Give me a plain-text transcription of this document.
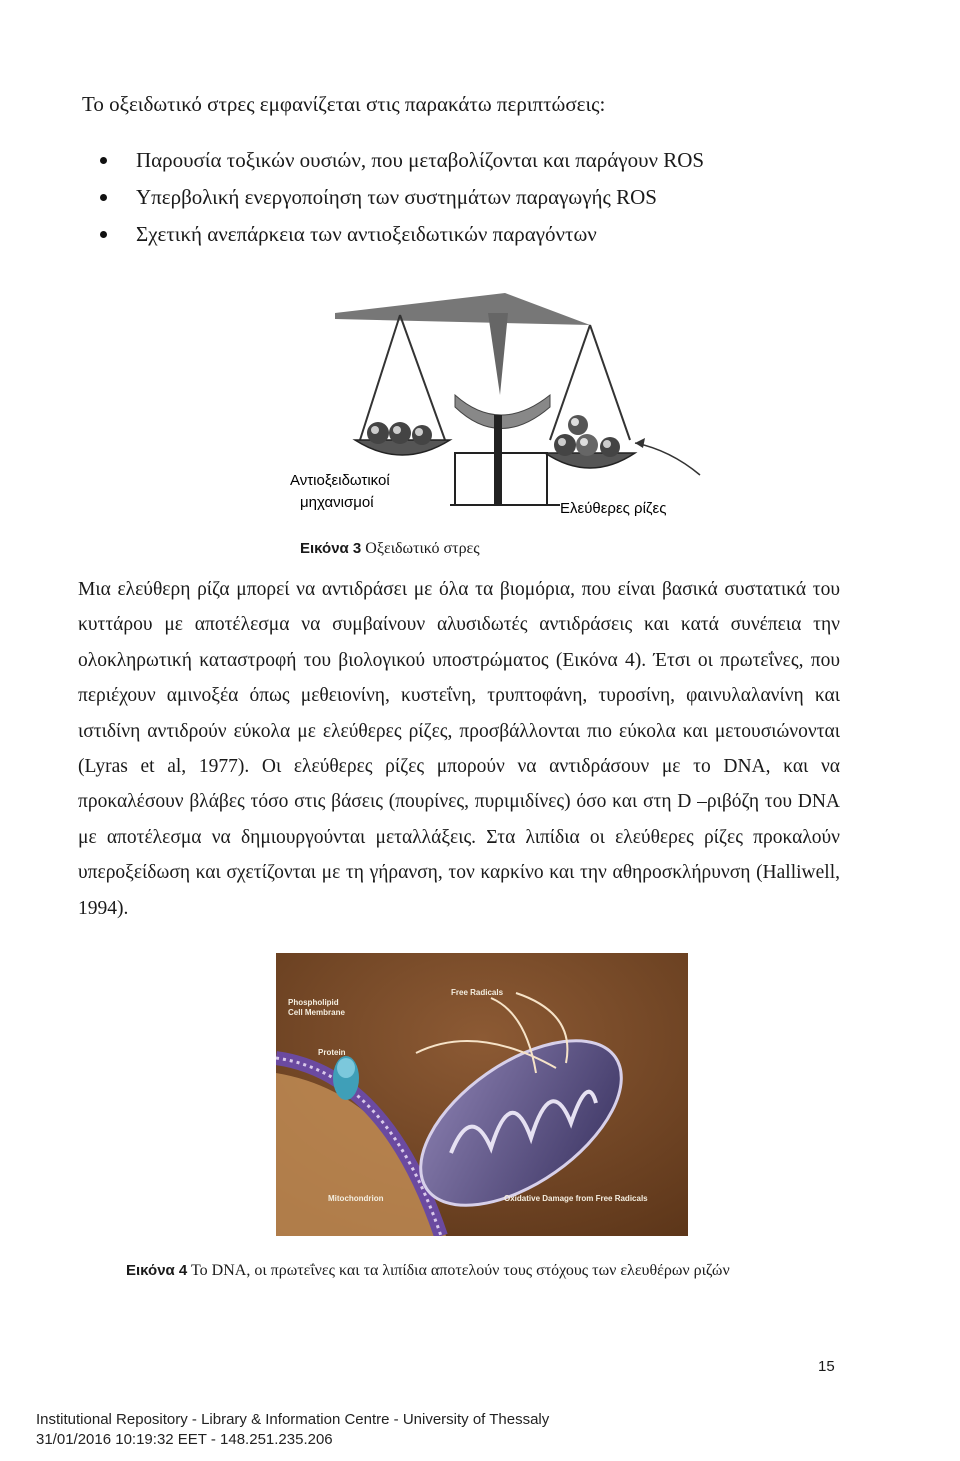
Το οξειδωτικό στρες εμφανίζεται στις παρακάτω περιπτώσεις:
Παρουσία τοξικών ουσιών, που μεταβολίζονται και παράγουν ROS
Υπερβολική ενεργοποίηση των συστημάτων παραγωγής ROS
Σχετική ανεπάρκεια των αντιοξειδωτικών παραγόντων
Αντιοξειδωτικοί
μηχανισμοί	Ελεύθερες ρίζες
Εικόνα 3 Οξειδωτικό στρες

Μια ελεύθερη ρίζα μπορεί να αντιδράσει με όλα τα βιομόρια, που είναι βασικά συστατικά του κυττάρου με αποτέλεσμα να συμβαίνουν αλυσιδωτές αντιδράσεις και κατά συνέπεια την ολοκληρωτική καταστροφή του βιολογικού υποστρώματος (Εικόνα 4). Έτσι οι πρωτεΐνες, που περιέχουν αμινοξέα όπως μεθειονίνη, κυστεΐνη, τρυπτοφάνη, τυροσίνη, φαινυλαλανίνη και ιστιδίνη αντιδρούν εύκολα με ελεύθερες ρίζες, προσβάλλονται πιο εύκολα και μετουσιώνονται (Lyras et al, 1977). Οι ελεύθερες ρίζες μπορούν να αντιδράσουν με το DNA, και να προκαλέσουν βλάβες τόσο στις βάσεις (πουρίνες, πυριμιδίνες) όσο και στη D –ριβόζη του DNA με αποτέλεσμα να δημιουργούνται μεταλλάξεις. Στα λιπίδια οι ελεύθερες ρίζες προκαλούν υπεροξείδωση και σχετίζονται με τη γήρανση, τον καρκίνο και την αθηροσκλήρυνση (Halliwell, 1994).

Phospholipid
Cell Membrane
Free Radicals
Protein
Mitochondrion	Oxidative Damage from Free Radicals
Εικόνα 4 Το DNA, οι πρωτεΐνες και τα λιπίδια αποτελούν τους στόχους των ελευθέρων ριζών
15
Institutional Repository - Library & Information Centre - University of Thessaly
31/01/2016 10:19:32 EET - 148.251.235.206
